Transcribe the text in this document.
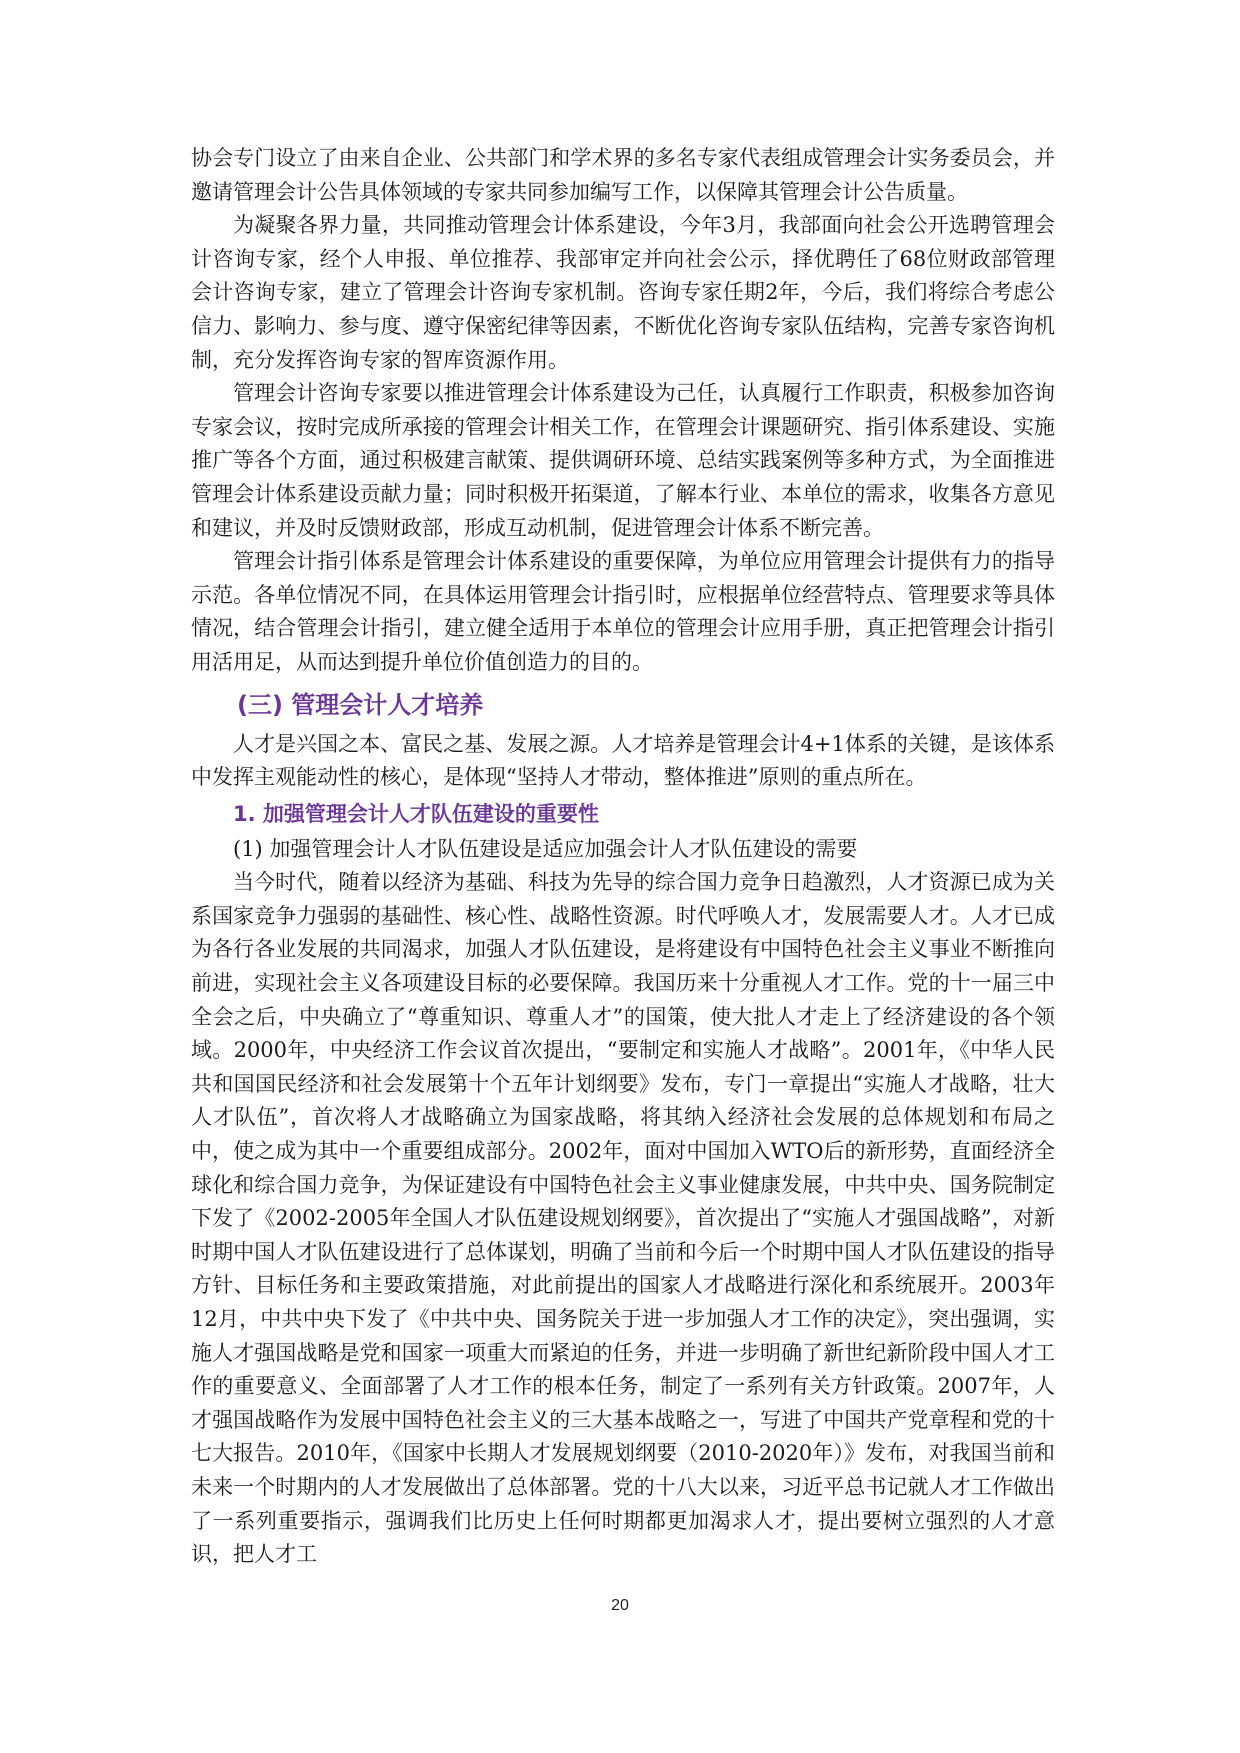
协会专门设立了由来自企业、公共部门和学术界的多名专家代表组成管理会计实务委员会，并邀请管理会计公告具体领域的专家共同参加编写工作，以保障其管理会计公告质量。

为凝聚各界力量，共同推动管理会计体系建设，今年3月，我部面向社会公开选聘管理会计咨询专家，经个人申报、单位推荐、我部审定并向社会公示，择优聘任了68位财政部管理会计咨询专家，建立了管理会计咨询专家机制。咨询专家任期2年，今后，我们将综合考虑公信力、影响力、参与度、遵守保密纪律等因素，不断优化咨询专家队伍结构，完善专家咨询机制，充分发挥咨询专家的智库资源作用。

管理会计咨询专家要以推进管理会计体系建设为己任，认真履行工作职责，积极参加咨询专家会议，按时完成所承接的管理会计相关工作，在管理会计课题研究、指引体系建设、实施推广等各个方面，通过积极建言献策、提供调研环境、总结实践案例等多种方式，为全面推进管理会计体系建设贡献力量；同时积极开拓渠道，了解本行业、本单位的需求，收集各方意见和建议，并及时反馈财政部，形成互动机制，促进管理会计体系不断完善。

管理会计指引体系是管理会计体系建设的重要保障，为单位应用管理会计提供有力的指导示范。各单位情况不同，在具体运用管理会计指引时，应根据单位经营特点、管理要求等具体情况，结合管理会计指引，建立健全适用于本单位的管理会计应用手册，真正把管理会计指引用活用足，从而达到提升单位价值创造力的目的。

(三) 管理会计人才培养

人才是兴国之本、富民之基、发展之源。人才培养是管理会计4+1体系的关键，是该体系中发挥主观能动性的核心，是体现“坚持人才带动，整体推进”原则的重点所在。

1. 加强管理会计人才队伍建设的重要性

(1) 加强管理会计人才队伍建设是适应加强会计人才队伍建设的需要

当今时代，随着以经济为基础、科技为先导的综合国力竞争日趋激烈，人才资源已成为关系国家竞争力强弱的基础性、核心性、战略性资源。时代呼唤人才，发展需要人才。人才已成为各行各业发展的共同渴求，加强人才队伍建设，是将建设有中国特色社会主义事业不断推向前进，实现社会主义各项建设目标的必要保障。我国历来十分重视人才工作。党的十一届三中全会之后，中央确立了“尊重知识、尊重人才”的国策，使大批人才走上了经济建设的各个领域。2000年，中央经济工作会议首次提出，“要制定和实施人才战略”。2001年，《中华人民共和国国民经济和社会发展第十个五年计划纲要》发布，专门一章提出“实施人才战略，壮大人才队伍”，首次将人才战略确立为国家战略，将其纳入经济社会发展的总体规划和布局之中，使之成为其中一个重要组成部分。2002年，面对中国加入WTO后的新形势，直面经济全球化和综合国力竞争，为保证建设有中国特色社会主义事业健康发展，中共中央、国务院制定下发了《2002-2005年全国人才队伍建设规划纲要》，首次提出了“实施人才强国战略”，对新时期中国人才队伍建设进行了总体谋划，明确了当前和今后一个时期中国人才队伍建设的指导方针、目标任务和主要政策措施，对此前提出的国家人才战略进行深化和系统展开。2003年12月，中共中央下发了《中共中央、国务院关于进一步加强人才工作的决定》，突出强调，实施人才强国战略是党和国家一项重大而紧迫的任务，并进一步明确了新世纪新阶段中国人才工作的重要意义、全面部署了人才工作的根本任务，制定了一系列有关方针政策。2007年，人才强国战略作为发展中国特色社会主义的三大基本战略之一，写进了中国共产党章程和党的十七大报告。2010年，《国家中长期人才发展规划纲要（2010-2020年）》发布，对我国当前和未来一个时期内的人才发展做出了总体部署。党的十八大以来，习近平总书记就人才工作做出了一系列重要指示，强调我们比历史上任何时期都更加渴求人才，提出要树立强烈的人才意识，把人才工

20
